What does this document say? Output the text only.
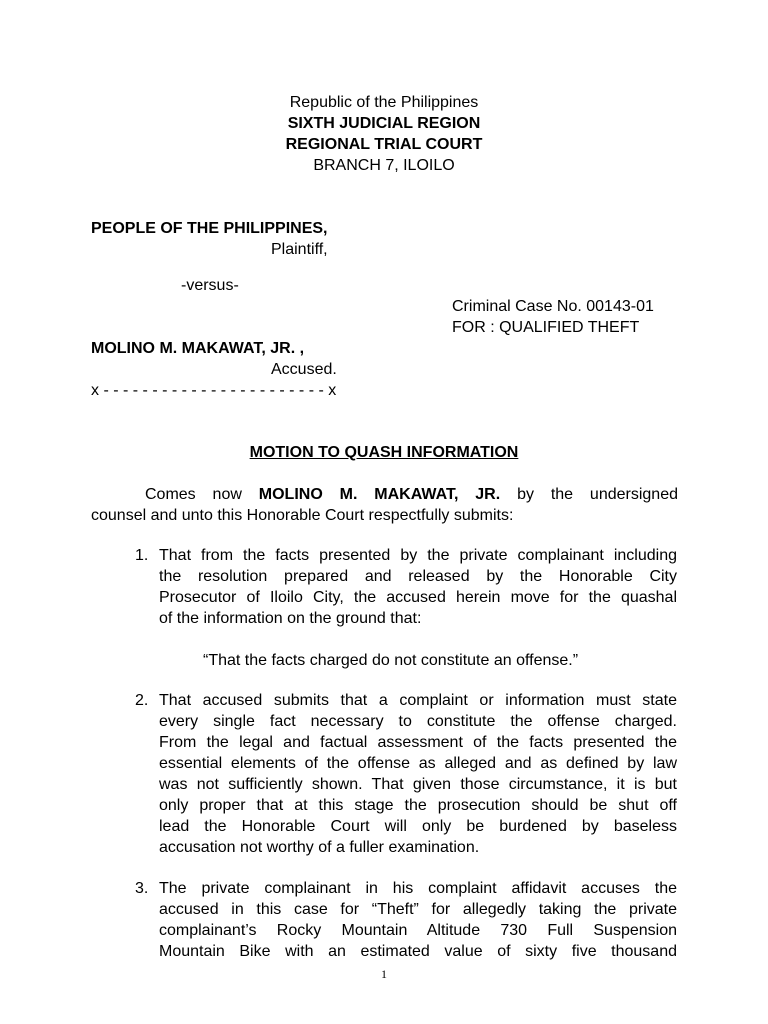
Republic of the Philippines
SIXTH JUDICIAL REGION
REGIONAL TRIAL COURT
BRANCH 7, ILOILO
PEOPLE OF THE PHILIPPINES,
Plaintiff,
-versus-
Criminal Case No. 00143-01
FOR : QUALIFIED THEFT
MOLINO M. MAKAWAT, JR. ,
Accused.
x - - - - - - - - - - - - - - - - - - - - - - - x
MOTION TO QUASH INFORMATION
Comes now MOLINO M. MAKAWAT, JR. by the undersigned
counsel and unto this Honorable Court respectfully submits:
1. That from the facts presented by the private complainant including
the resolution prepared and released by the Honorable City
Prosecutor of Iloilo City, the accused herein move for the quashal
of the information on the ground that:
“That the facts charged do not constitute an offense.”
2. That accused submits that a complaint or information must state
every single fact necessary to constitute the offense charged.
From the legal and factual assessment of the facts presented the
essential elements of the offense as alleged and as defined by law
was not sufficiently shown. That given those circumstance, it is but
only proper that at this stage the prosecution should be shut off
lead the Honorable Court will only be burdened by baseless
accusation not worthy of a fuller examination.
3. The private complainant in his complaint affidavit accuses the
accused in this case for “Theft” for allegedly taking the private
complainant’s Rocky Mountain Altitude 730 Full Suspension
Mountain Bike with an estimated value of sixty five thousand
1
